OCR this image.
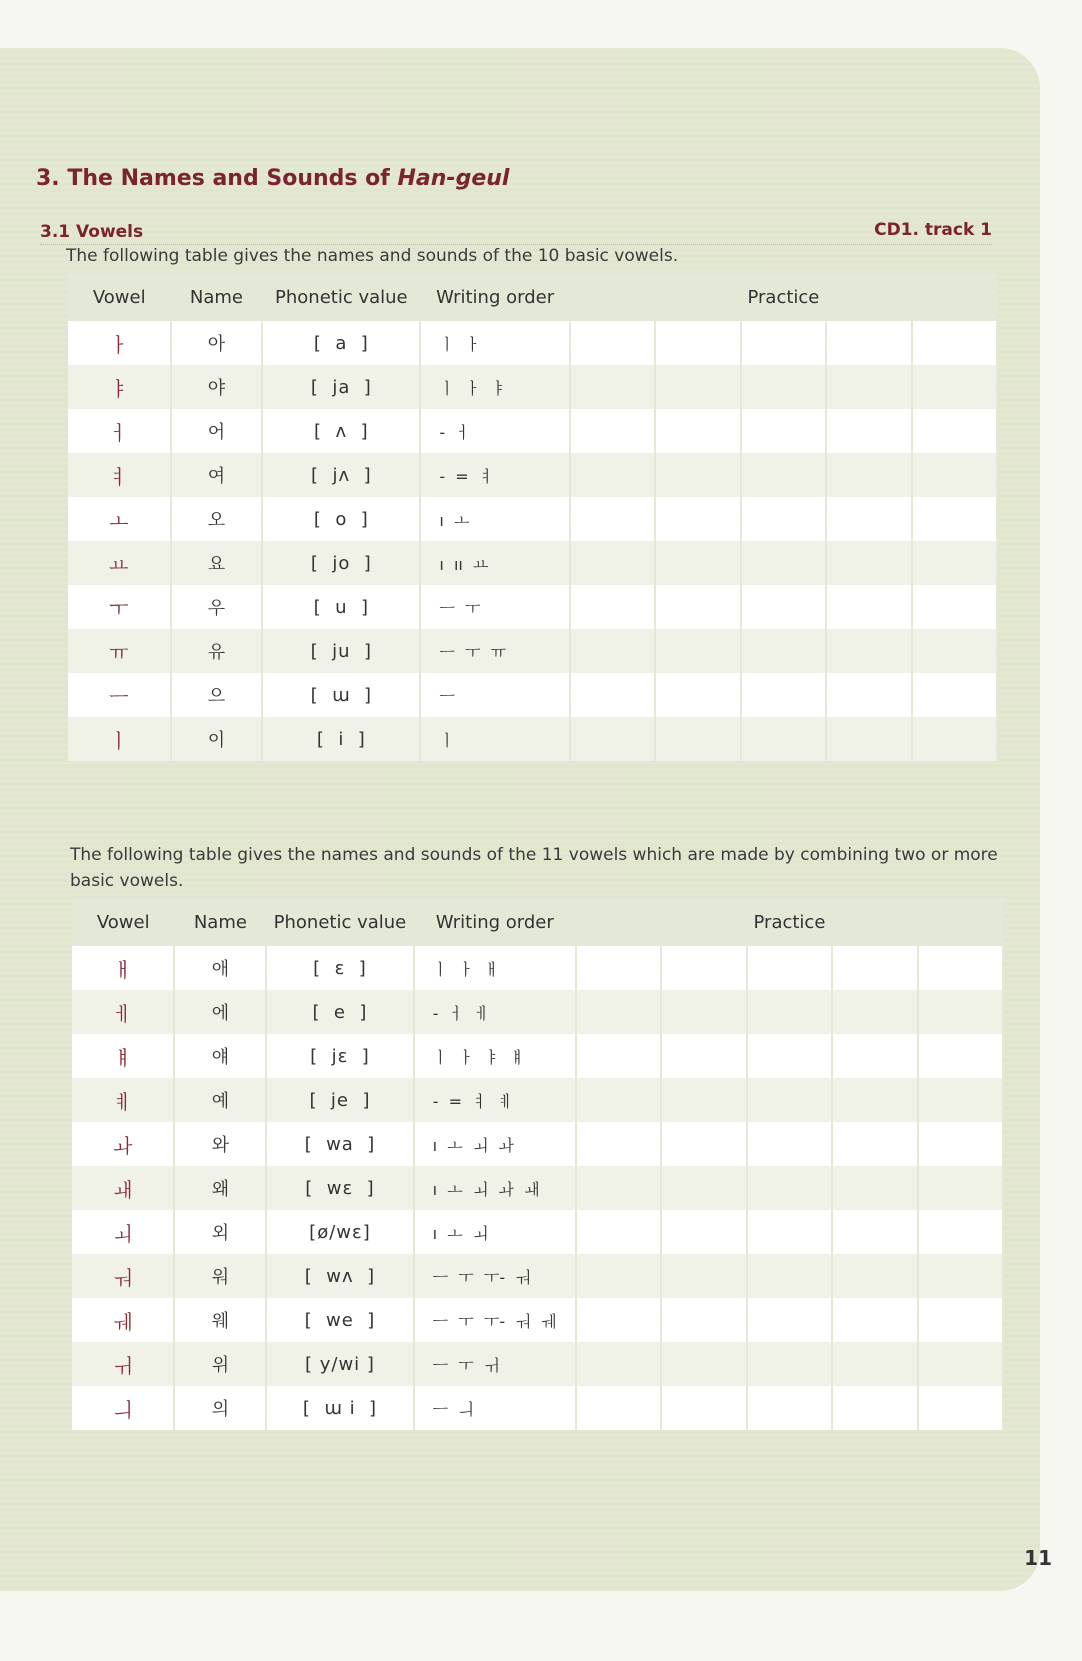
3. The Names and Sounds of Han-geul
3.1 Vowels	CD1. track 1

The following table gives the names and sounds of the 10 basic vowels.

Vowel	Name	Phonetic value	Writing order	Practice				
ㅏ	아	[  a  ]	ㅣ  ㅏ					
ㅑ	야	[  ja  ]	ㅣ  ㅏ  ㅑ					
ㅓ	어	[  ʌ  ]	-  ㅓ					
ㅕ	여	[  jʌ  ]	-  =  ㅕ					
ㅗ	오	[  o  ]	ı  ㅗ					
ㅛ	요	[  jo  ]	ı  ıı  ㅛ					
ㅜ	우	[  u  ]	ㅡ  ㅜ					
ㅠ	유	[  ju  ]	ㅡ  ㅜ  ㅠ					
ㅡ	으	[  ɯ  ]	ㅡ					
ㅣ	이	[  i  ]	ㅣ					

The following table gives the names and sounds of the 11 vowels which are made by combining two or more basic vowels.

Vowel	Name	Phonetic value	Writing order	Practice				
ㅐ	애	[  ɛ  ]	ㅣ  ㅏ  ㅐ					
ㅔ	에	[  e  ]	-  ㅓ  ㅔ					
ㅒ	얘	[  jɛ  ]	ㅣ  ㅏ  ㅑ  ㅒ					
ㅖ	예	[  je  ]	-  =  ㅕ  ㅖ					
ㅘ	와	[  wa  ]	ı  ㅗ  ㅚ  ㅘ					
ㅙ	왜	[  wɛ  ]	ı  ㅗ  ㅚ  ㅘ  ㅙ					
ㅚ	외	[ø/wɛ]	ı  ㅗ  ㅚ					
ㅝ	워	[  wʌ  ]	ㅡ  ㅜ  ㅜ-  ㅝ					
ㅞ	웨	[  we  ]	ㅡ  ㅜ  ㅜ-  ㅝ  ㅞ					
ㅟ	위	[ y/wi ]	ㅡ  ㅜ  ㅟ					
ㅢ	의	[  ɯ i  ]	ㅡ  ㅢ					
11
